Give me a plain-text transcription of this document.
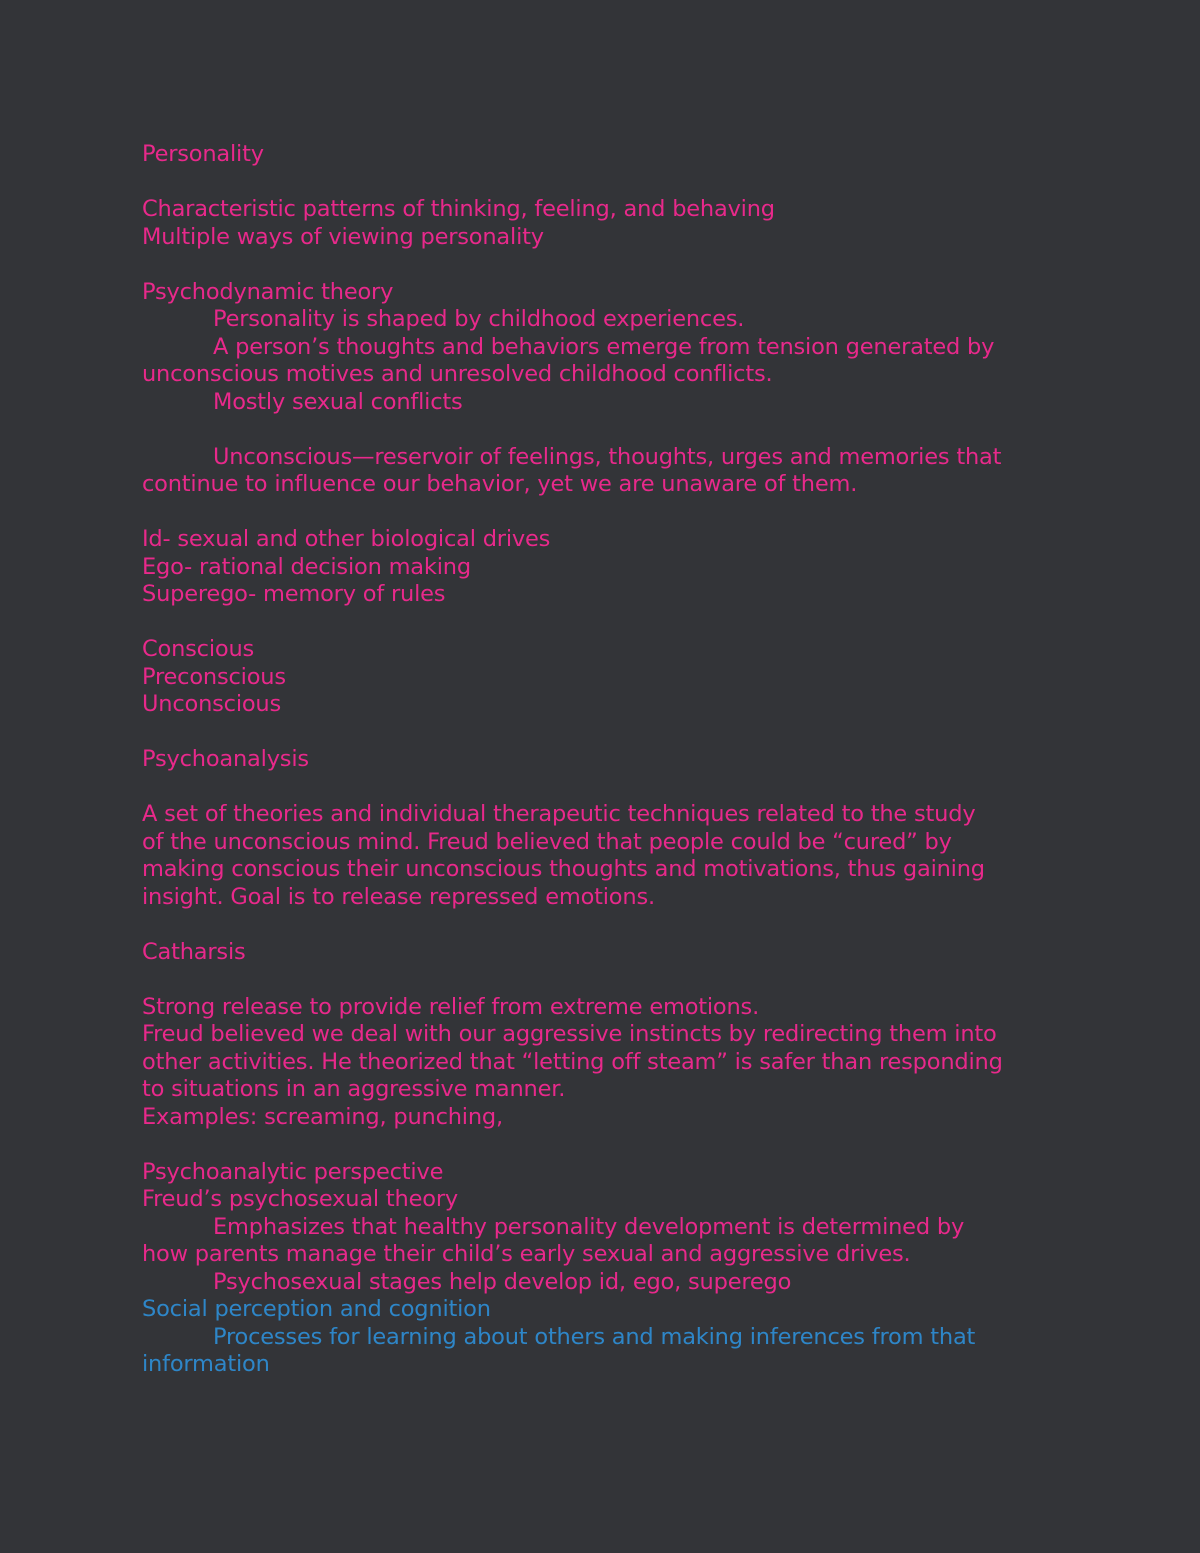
Personality
Characteristic patterns of thinking, feeling, and behaving
Multiple ways of viewing personality
Psychodynamic theory
Personality is shaped by childhood experiences.
A person’s thoughts and behaviors emerge from tension generated by
unconscious motives and unresolved childhood conflicts.
Mostly sexual conflicts
Unconscious—reservoir of feelings, thoughts, urges and memories that
continue to influence our behavior, yet we are unaware of them.
Id- sexual and other biological drives
Ego- rational decision making
Superego- memory of rules
Conscious
Preconscious
Unconscious
Psychoanalysis
A set of theories and individual therapeutic techniques related to the study
of the unconscious mind. Freud believed that people could be “cured” by
making conscious their unconscious thoughts and motivations, thus gaining
insight. Goal is to release repressed emotions.
Catharsis
Strong release to provide relief from extreme emotions.
Freud believed we deal with our aggressive instincts by redirecting them into
other activities. He theorized that “letting off steam” is safer than responding
to situations in an aggressive manner.
Examples: screaming, punching,
Psychoanalytic perspective
Freud’s psychosexual theory
Emphasizes that healthy personality development is determined by
how parents manage their child’s early sexual and aggressive drives.
Psychosexual stages help develop id, ego, superego
Social perception and cognition
Processes for learning about others and making inferences from that
information
